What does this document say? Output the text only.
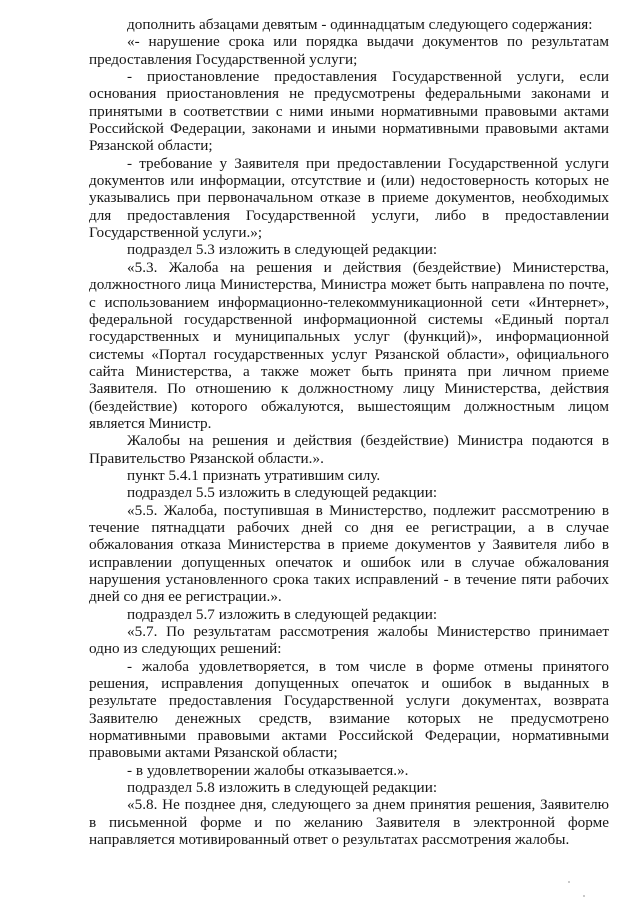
дополнить абзацами девятым - одиннадцатым следующего содержания:

«- нарушение срока или порядка выдачи документов по результатам предоставления Государственной услуги;

- приостановление предоставления Государственной услуги, если основания приостановления не предусмотрены федеральными законами и принятыми в соответствии с ними иными нормативными правовыми актами Российской Федерации, законами и иными нормативными правовыми актами Рязанской области;

- требование у Заявителя при предоставлении Государственной услуги документов или информации, отсутствие и (или) недостоверность которых не указывались при первоначальном отказе в приеме документов, необходимых для предоставления Государственной услуги, либо в предоставлении Государственной услуги.»;

подраздел 5.3 изложить в следующей редакции:

«5.3. Жалоба на решения и действия (бездействие) Министерства, должностного лица Министерства, Министра может быть направлена по почте, с использованием информационно-телекоммуникационной сети «Интернет», федеральной государственной информационной системы «Единый портал государственных и муниципальных услуг (функций)», информационной системы «Портал государственных услуг Рязанской области», официального сайта Министерства, а также может быть принята при личном приеме Заявителя. По отношению к должностному лицу Министерства, действия (бездействие) которого обжалуются, вышестоящим должностным лицом является Министр.

Жалобы на решения и действия (бездействие) Министра подаются в Правительство Рязанской области.».

пункт 5.4.1 признать утратившим силу.

подраздел 5.5 изложить в следующей редакции:

«5.5. Жалоба, поступившая в Министерство, подлежит рассмотрению в течение пятнадцати рабочих дней со дня ее регистрации, а в случае обжалования отказа Министерства в приеме документов у Заявителя либо в исправлении допущенных опечаток и ошибок или в случае обжалования нарушения установленного срока таких исправлений - в течение пяти рабочих дней со дня ее регистрации.».

подраздел 5.7 изложить в следующей редакции:

«5.7. По результатам рассмотрения жалобы Министерство принимает одно из следующих решений:

- жалоба удовлетворяется, в том числе в форме отмены принятого решения, исправления допущенных опечаток и ошибок в выданных в результате предоставления Государственной услуги документах, возврата Заявителю денежных средств, взимание которых не предусмотрено нормативными правовыми актами Российской Федерации, нормативными правовыми актами Рязанской области;

- в удовлетворении жалобы отказывается.».

подраздел 5.8 изложить в следующей редакции:

«5.8. Не позднее дня, следующего за днем принятия решения, Заявителю в письменной форме и по желанию Заявителя в электронной форме направляется мотивированный ответ о результатах рассмотрения жалобы.
